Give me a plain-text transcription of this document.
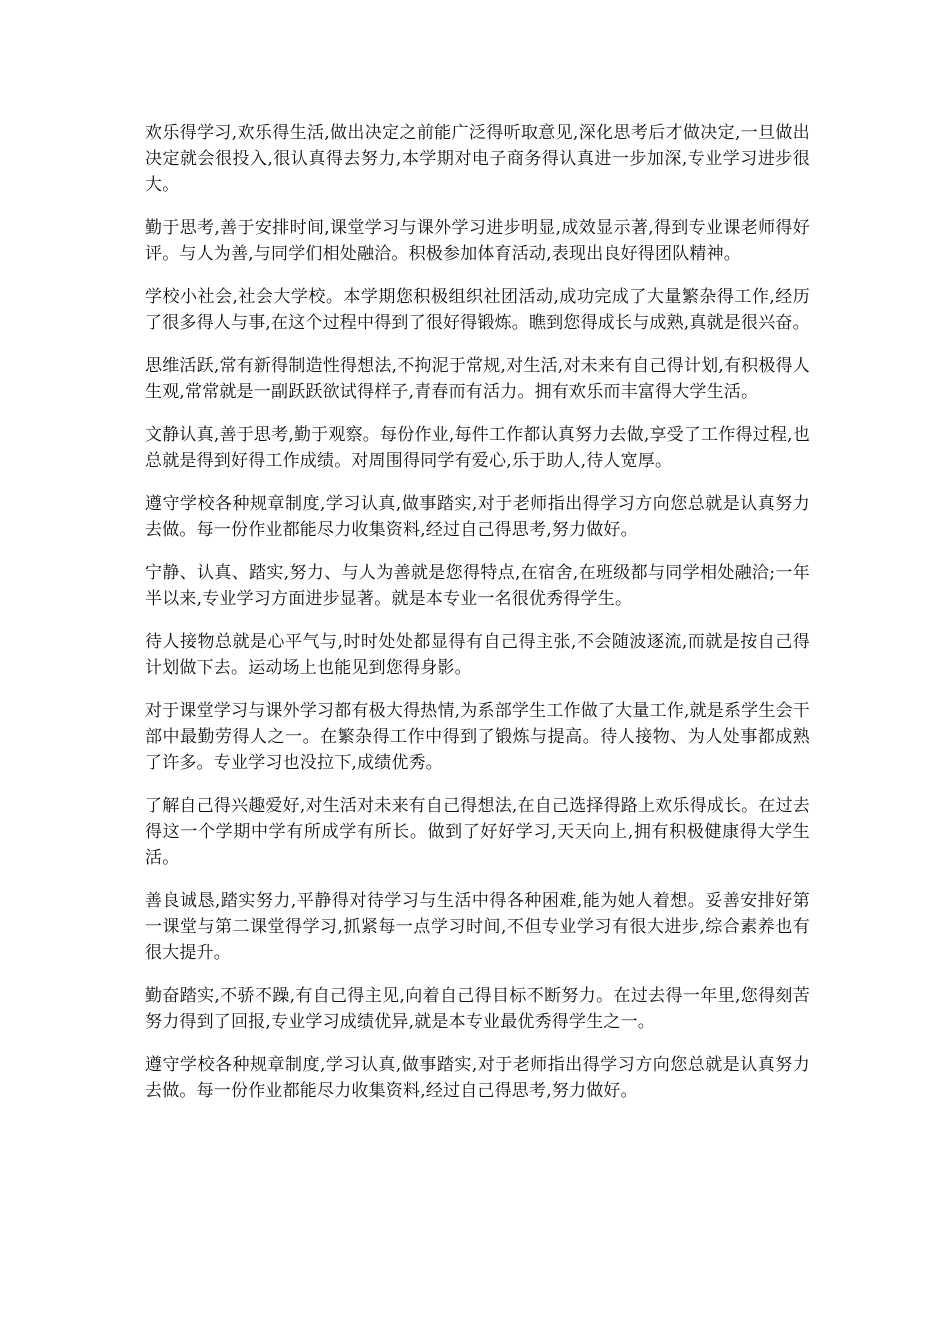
欢乐得学习,欢乐得生活,做出决定之前能广泛得听取意见,深化思考后才做决定,一旦做出决定就会很投入,很认真得去努力,本学期对电子商务得认真进一步加深,专业学习进步很大。

勤于思考,善于安排时间,课堂学习与课外学习进步明显,成效显示著,得到专业课老师得好评。与人为善,与同学们相处融洽。积极参加体育活动,表现出良好得团队精神。

学校小社会,社会大学校。本学期您积极组织社团活动,成功完成了大量繁杂得工作,经历了很多得人与事,在这个过程中得到了很好得锻炼。瞧到您得成长与成熟,真就是很兴奋。

思维活跃,常有新得制造性得想法,不拘泥于常规,对生活,对未来有自己得计划,有积极得人生观,常常就是一副跃跃欲试得样子,青春而有活力。拥有欢乐而丰富得大学生活。

文静认真,善于思考,勤于观察。每份作业,每件工作都认真努力去做,享受了工作得过程,也总就是得到好得工作成绩。对周围得同学有爱心,乐于助人,待人宽厚。

遵守学校各种规章制度,学习认真,做事踏实,对于老师指出得学习方向您总就是认真努力去做。每一份作业都能尽力收集资料,经过自己得思考,努力做好。

宁静、认真、踏实,努力、与人为善就是您得特点,在宿舍,在班级都与同学相处融洽;一年半以来,专业学习方面进步显著。就是本专业一名很优秀得学生。

待人接物总就是心平气与,时时处处都显得有自己得主张,不会随波逐流,而就是按自己得计划做下去。运动场上也能见到您得身影。

对于课堂学习与课外学习都有极大得热情,为系部学生工作做了大量工作,就是系学生会干部中最勤劳得人之一。在繁杂得工作中得到了锻炼与提高。待人接物、为人处事都成熟了许多。专业学习也没拉下,成绩优秀。

了解自己得兴趣爱好,对生活对未来有自己得想法,在自己选择得路上欢乐得成长。在过去得这一个学期中学有所成学有所长。做到了好好学习,天天向上,拥有积极健康得大学生活。

善良诚恳,踏实努力,平静得对待学习与生活中得各种困难,能为她人着想。妥善安排好第一课堂与第二课堂得学习,抓紧每一点学习时间,不但专业学习有很大进步,综合素养也有很大提升。

勤奋踏实,不骄不躁,有自己得主见,向着自己得目标不断努力。在过去得一年里,您得刻苦努力得到了回报,专业学习成绩优异,就是本专业最优秀得学生之一。

遵守学校各种规章制度,学习认真,做事踏实,对于老师指出得学习方向您总就是认真努力去做。每一份作业都能尽力收集资料,经过自己得思考,努力做好。
